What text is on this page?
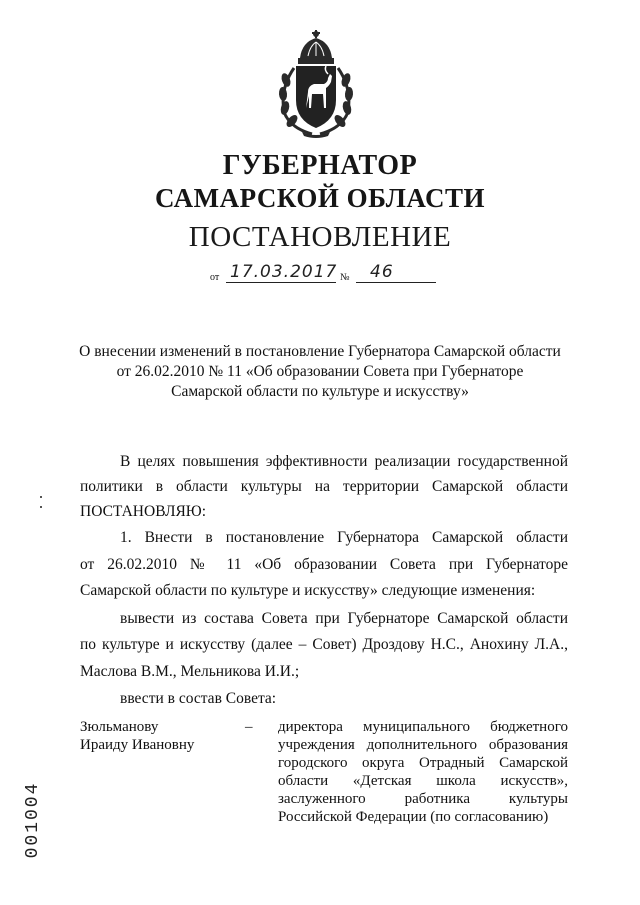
ГУБЕРНАТОР
САМАРСКОЙ ОБЛАСТИ
ПОСТАНОВЛЕНИЕ
от 17.03.2017 № 46
О внесении изменений в постановление Губернатора Самарской области
от 26.02.2010 № 11 «Об образовании Совета при Губернаторе
Самарской области по культуре и искусству»
В целях повышения эффективности реализации государственной
политики в области культуры на территории Самарской области
ПОСТАНОВЛЯЮ:
1. Внести в постановление Губернатора Самарской области
от 26.02.2010 № 11 «Об образовании Совета при Губернаторе
Самарской области по культуре и искусству» следующие изменения:
вывести из состава Совета при Губернаторе Самарской области
по культуре и искусству (далее – Совет) Дроздову Н.С., Анохину Л.А.,
Маслова В.М., Мельникова И.И.;
ввести в состав Совета:
Зюльманову
Ираиду Ивановну
– директора муниципального бюджетного
учреждения дополнительного образования
городского округа Отрадный Самарской
области «Детская школа искусств»,
заслуженного работника культуры
Российской Федерации (по согласованию)
001004
